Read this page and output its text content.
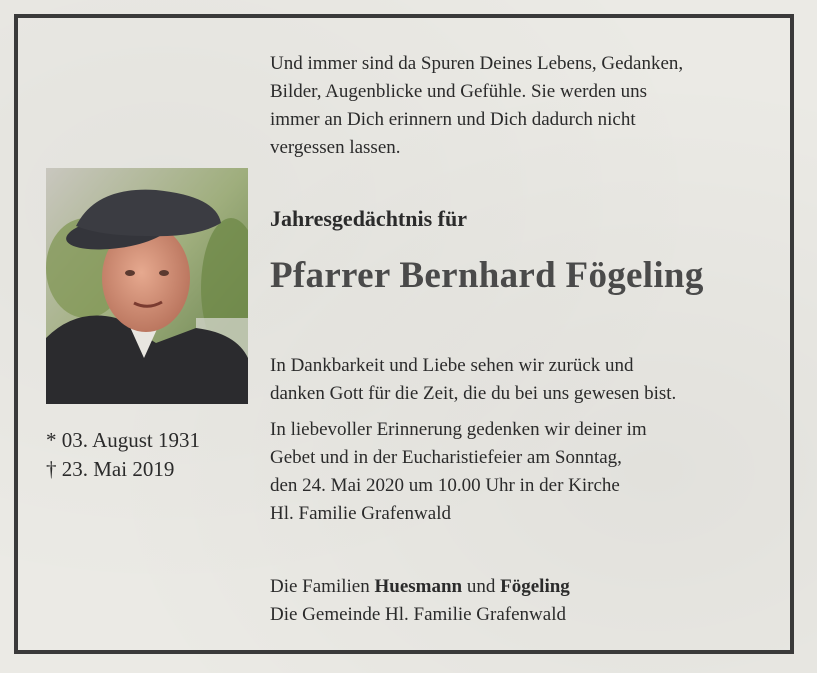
Und immer sind da Spuren Deines Lebens, Gedanken,
Bilder, Augenblicke und Gefühle. Sie werden uns
immer an Dich erinnern und Dich dadurch nicht
vergessen lassen.
* 03. August 1931
† 23. Mai 2019
Jahresgedächtnis für
Pfarrer Bernhard Fögeling
In Dankbarkeit und Liebe sehen wir zurück und
danken Gott für die Zeit, die du bei uns gewesen bist.
In liebevoller Erinnerung gedenken wir deiner im
Gebet und in der Eucharistiefeier am Sonntag,
den 24. Mai 2020 um 10.00 Uhr in der Kirche
Hl. Familie Grafenwald
Die Familien Huesmann und Fögeling
Die Gemeinde Hl. Familie Grafenwald
